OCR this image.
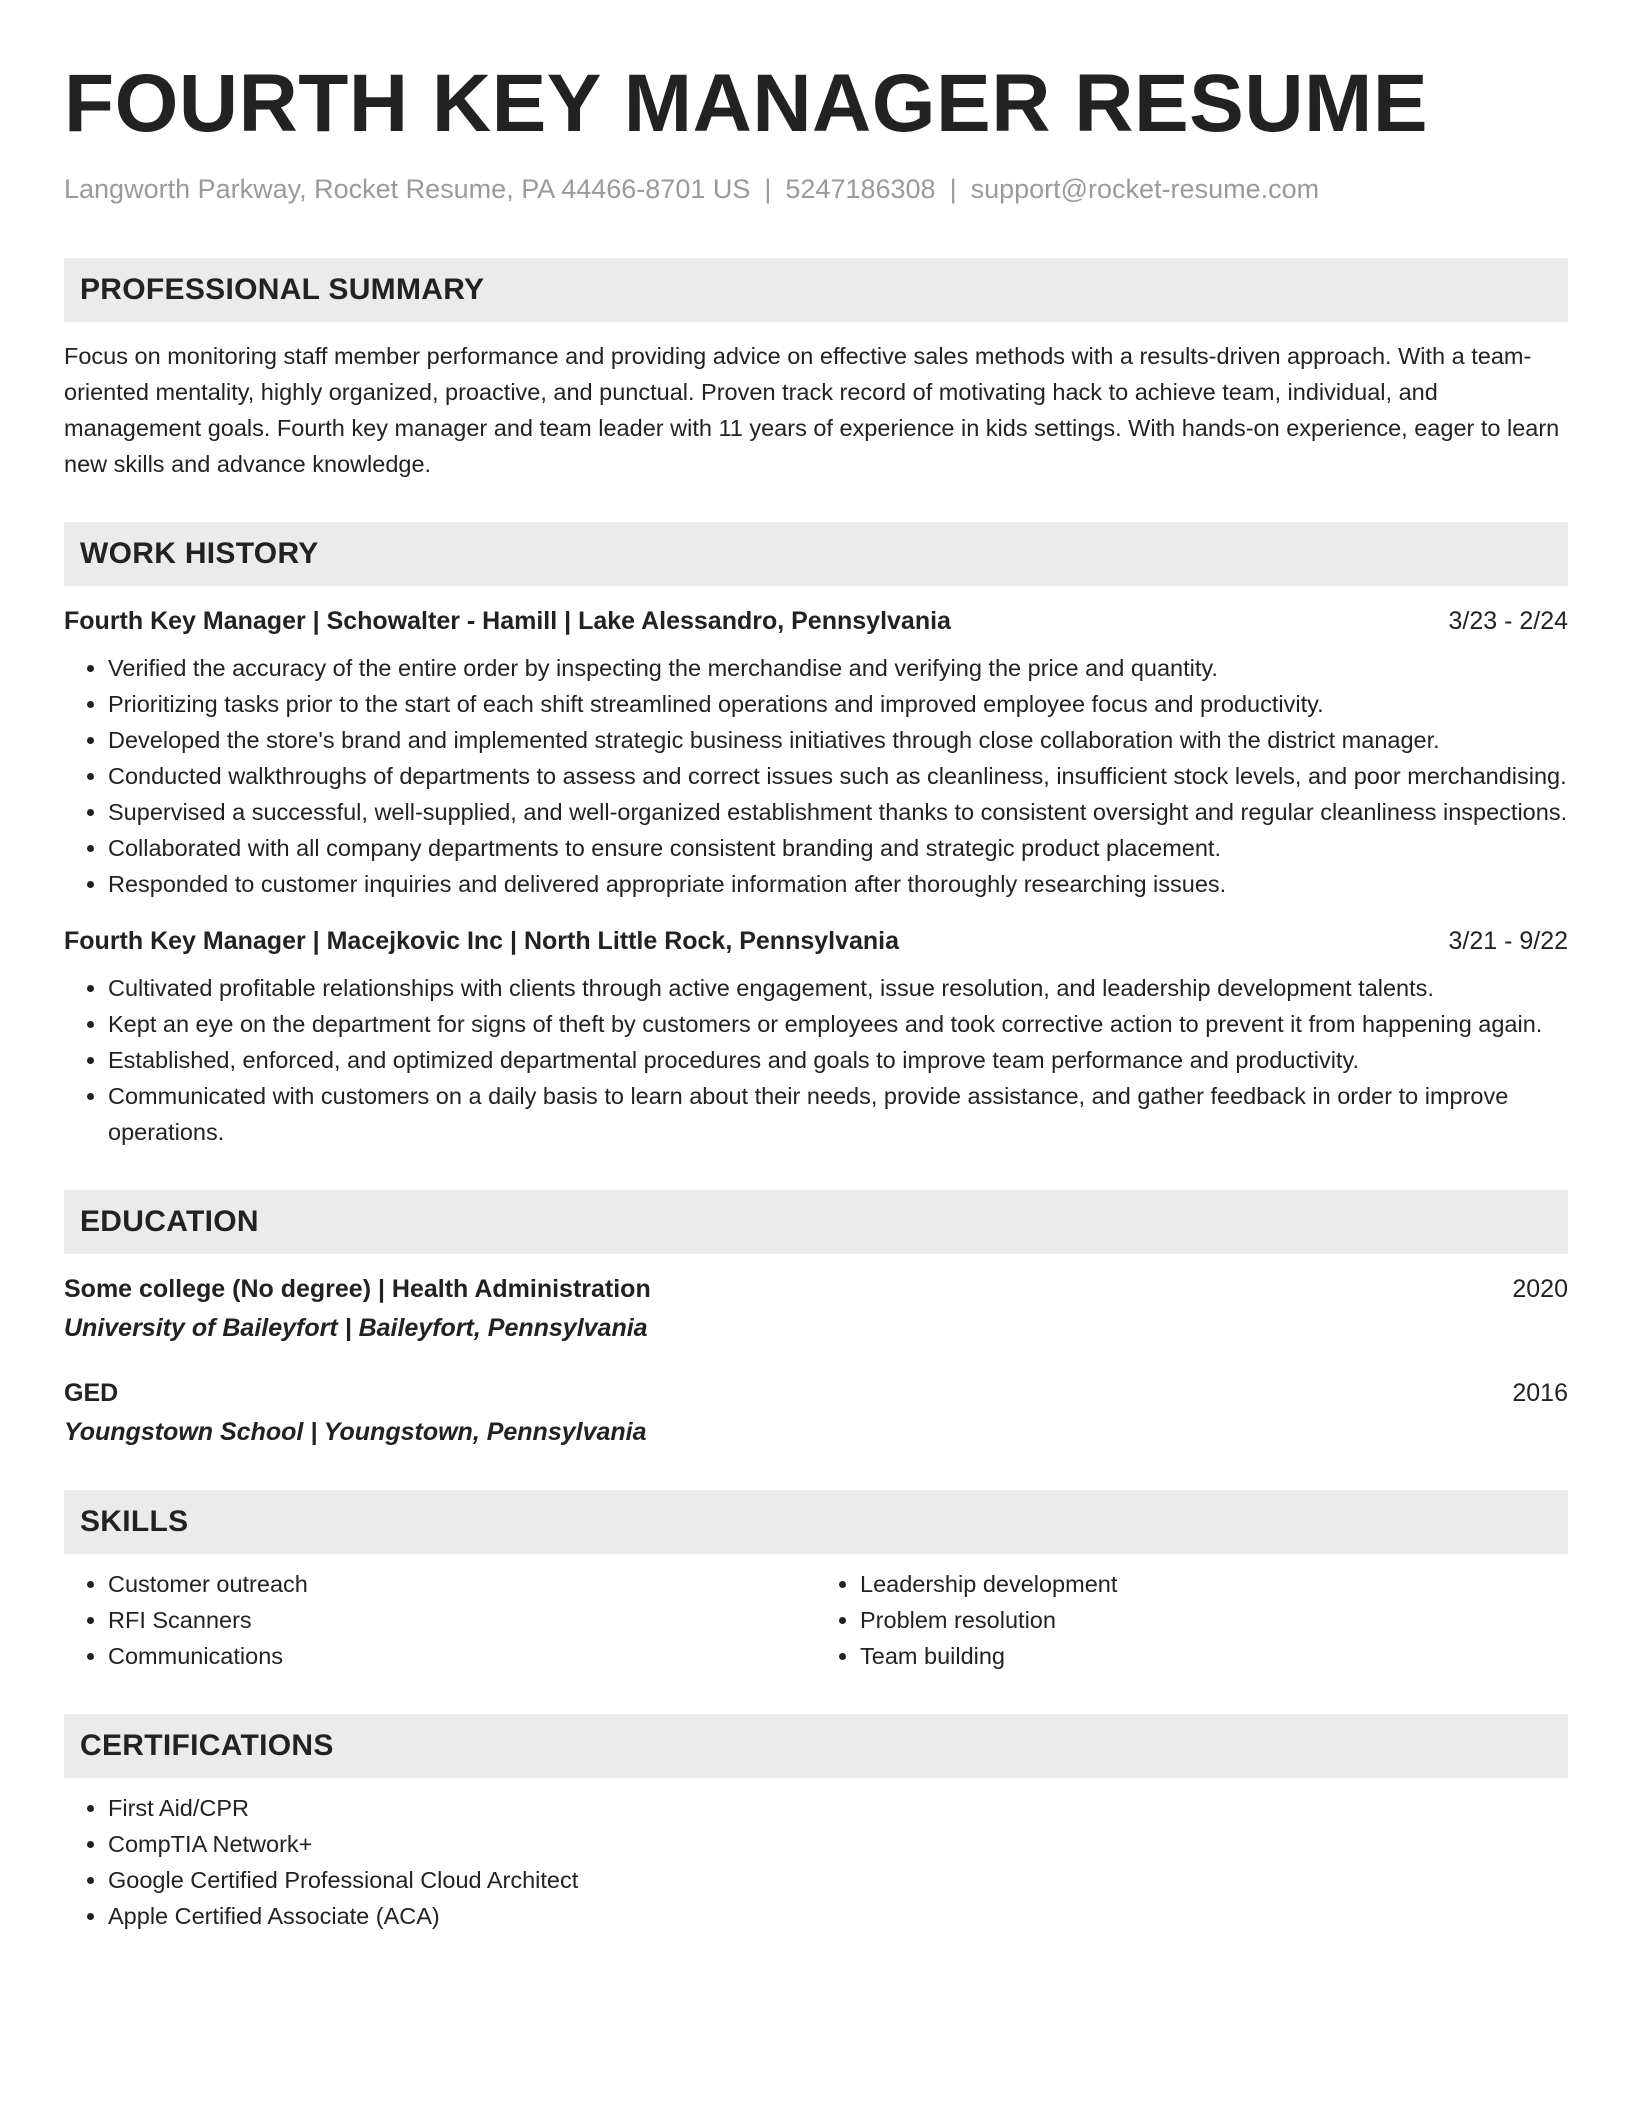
FOURTH KEY MANAGER RESUME
Langworth Parkway, Rocket Resume, PA 44466-8701 US | 5247186308 | support@rocket-resume.com
PROFESSIONAL SUMMARY

Focus on monitoring staff member performance and providing advice on effective sales methods with a results-driven approach. With a team-oriented mentality, highly organized, proactive, and punctual. Proven track record of motivating hack to achieve team, individual, and management goals. Fourth key manager and team leader with 11 years of experience in kids settings. With hands-on experience, eager to learn new skills and advance knowledge.

WORK HISTORY
Fourth Key Manager | Schowalter - Hamill | Lake Alessandro, Pennsylvania	3/23 - 2/24
• Verified the accuracy of the entire order by inspecting the merchandise and verifying the price and quantity.
• Prioritizing tasks prior to the start of each shift streamlined operations and improved employee focus and productivity.
• Developed the store's brand and implemented strategic business initiatives through close collaboration with the district manager.
• Conducted walkthroughs of departments to assess and correct issues such as cleanliness, insufficient stock levels, and poor merchandising.
• Supervised a successful, well-supplied, and well-organized establishment thanks to consistent oversight and regular cleanliness inspections.
• Collaborated with all company departments to ensure consistent branding and strategic product placement.
• Responded to customer inquiries and delivered appropriate information after thoroughly researching issues.
Fourth Key Manager | Macejkovic Inc | North Little Rock, Pennsylvania	3/21 - 9/22
• Cultivated profitable relationships with clients through active engagement, issue resolution, and leadership development talents.
• Kept an eye on the department for signs of theft by customers or employees and took corrective action to prevent it from happening again.
• Established, enforced, and optimized departmental procedures and goals to improve team performance and productivity.
• Communicated with customers on a daily basis to learn about their needs, provide assistance, and gather feedback in order to improve operations.
EDUCATION
Some college (No degree) | Health Administration	2020
University of Baileyfort | Baileyfort, Pennsylvania
GED	2016
Youngstown School | Youngstown, Pennsylvania
SKILLS
• Customer outreach
• RFI Scanners
• Communications
• Leadership development
• Problem resolution
• Team building
CERTIFICATIONS
• First Aid/CPR
• CompTIA Network+
• Google Certified Professional Cloud Architect
• Apple Certified Associate (ACA)
